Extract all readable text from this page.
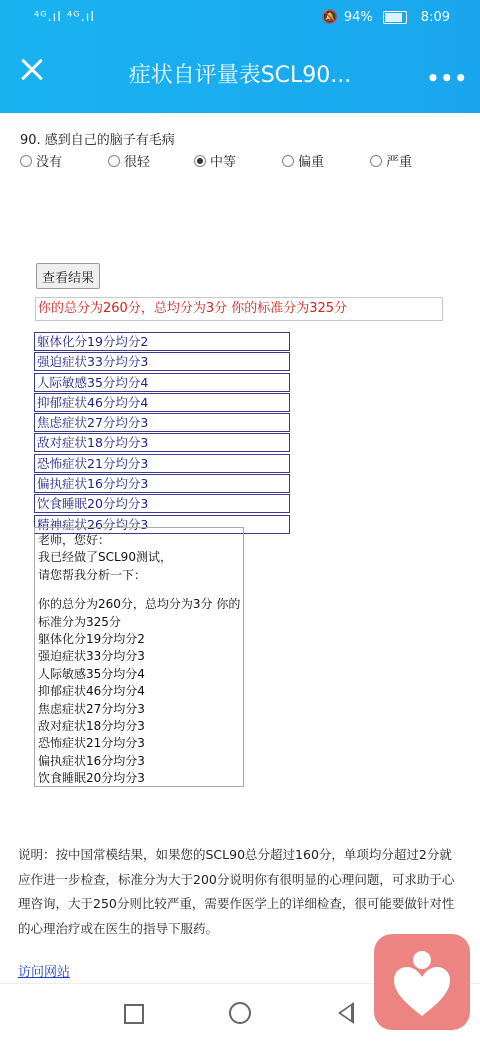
⁴ᴳ.ıl ⁴ᴳ.ıl	🔕 94%	8:09
症状自评量表SCL90...	•••
90. 感到自己的脑子有毛病
没有	很轻	中等	偏重	严重
查看结果
你的总分为260分，总均分为3分 你的标准分为325分
躯体化分19分均分2
强迫症状33分均分3
人际敏感35分均分4
抑郁症状46分均分4
焦虑症状27分均分3
敌对症状18分均分3
恐怖症状21分均分3
偏执症状16分均分3
饮食睡眠20分均分3
精神症状26分均分3
老师，您好：
我已经做了SCL90测试，
请您帮我分析一下：
你的总分为260分，总均分为3分 你的
标准分为325分
躯体化分19分均分2
强迫症状33分均分3
人际敏感35分均分4
抑郁症状46分均分4
焦虑症状27分均分3
敌对症状18分均分3
恐怖症状21分均分3
偏执症状16分均分3
饮食睡眠20分均分3
说明：按中国常模结果，如果您的SCL90总分超过160分，单项均分超过2分就应作进一步检查，标准分为大于200分说明你有很明显的心理问题，可求助于心理咨询，大于250分则比较严重，需要作医学上的详细检查，很可能要做针对性的心理治疗或在医生的指导下服药。
访问网站
